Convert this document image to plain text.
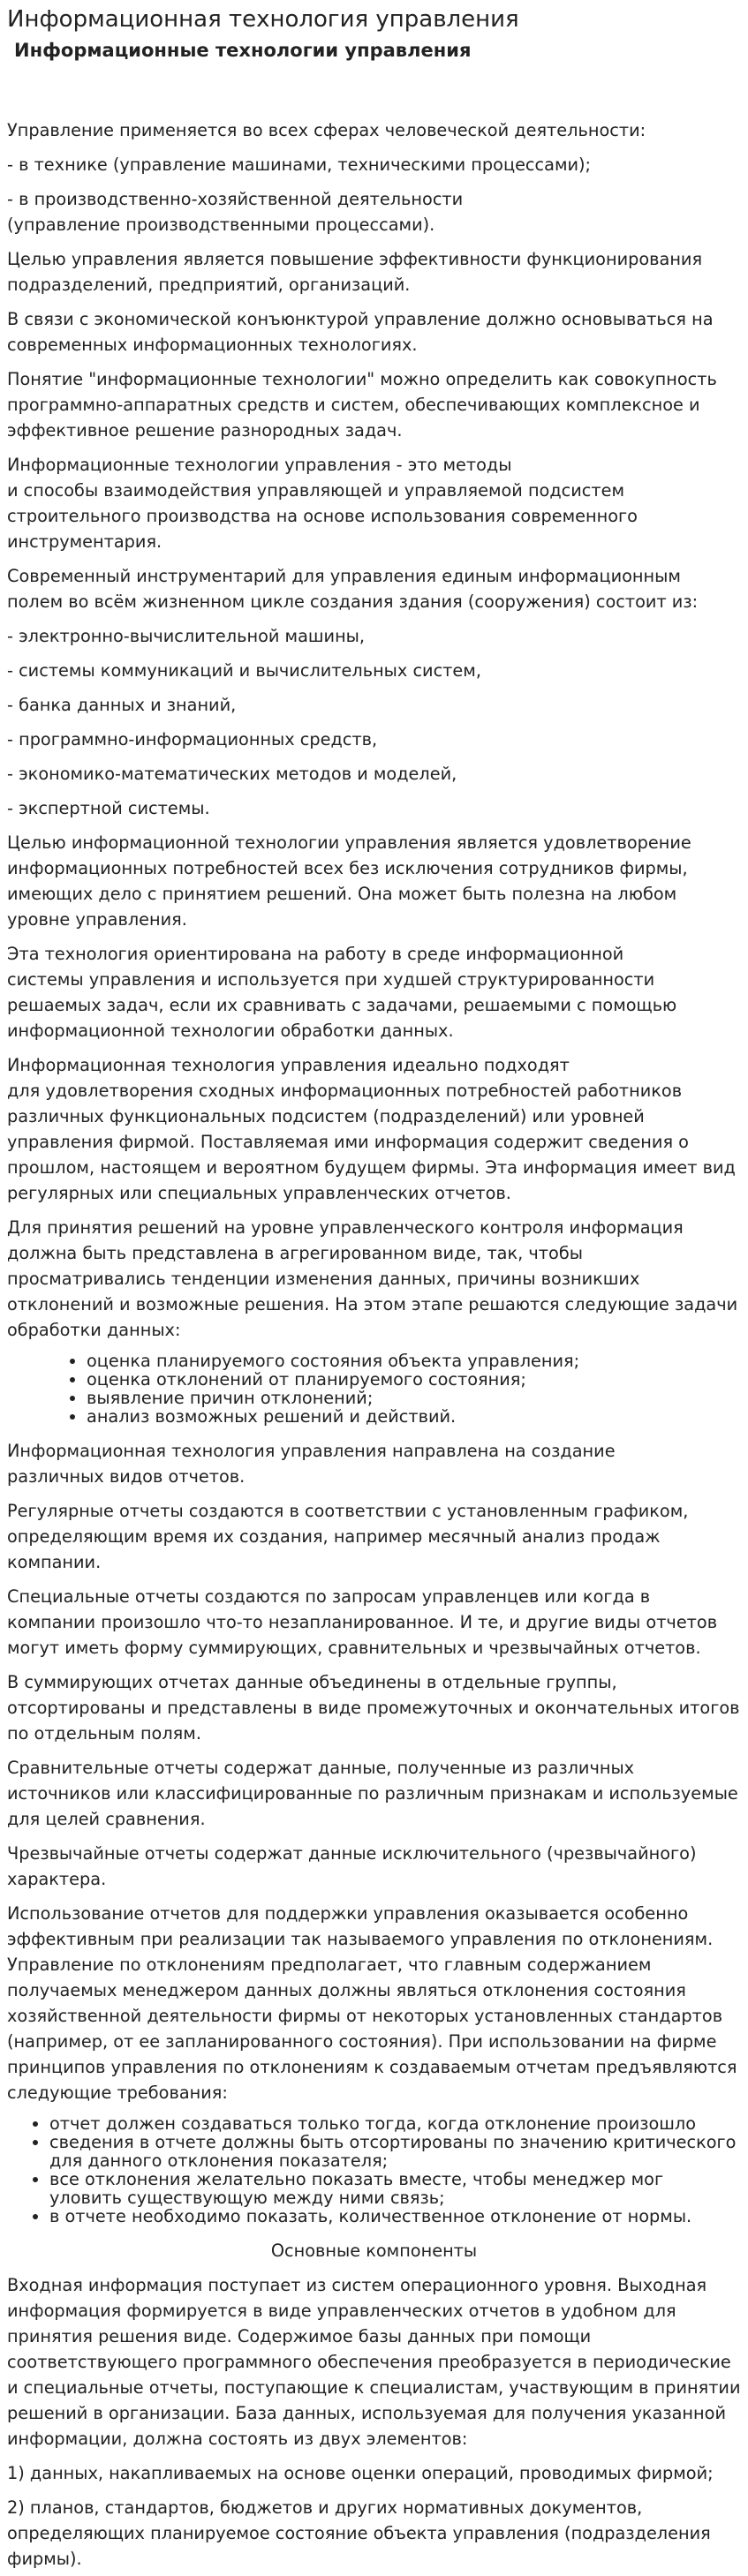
Информационная технология управления
Информационные технологии управления

Управление применяется во всех сферах человеческой деятельности:

- в технике (управление машинами, техническими процессами);

- в производственно-хозяйственной деятельности
(управление производственными процессами).

Целью управления является повышение эффективности функционирования подразделений, предприятий, организаций.

В связи с экономической конъюнктурой управление должно основываться на современных информационных технологиях.

Понятие "информационные технологии" можно определить как совокупность программно-аппаратных средств и систем, обеспечивающих комплексное и эффективное решение разнородных задач.

Информационные технологии управления - это методы
и способы взаимодействия управляющей и управляемой подсистем строительного производства на основе использования современного инструментария.

Современный инструментарий для управления единым информационным полем во всём жизненном цикле создания здания (сооружения) состоит из:

- электронно-вычислительной машины,

- системы коммуникаций и вычислительных систем,

- банка данных и знаний,

- программно-информационных средств,

- экономико-математических методов и моделей,

- экспертной системы.

Целью информационной технологии управления является удовлетворение информационных потребностей всех без исключения сотрудников фирмы, имеющих дело с принятием решений. Она может быть полезна на любом уровне управления.

Эта технология ориентирована на работу в среде информационной
системы управления и используется при худшей структурированности решаемых задач, если их сравнивать с задачами, решаемыми с помощью информационной технологии обработки данных.

Информационная технология управления идеально подходят
для удовлетворения сходных информационных потребностей работников различных функциональных подсистем (подразделений) или уровней управления фирмой. Поставляемая ими информация содержит сведения о прошлом, настоящем и вероятном будущем фирмы. Эта информация имеет вид регулярных или специальных управленческих отчетов.

Для принятия решений на уровне управленческого контроля информация должна быть представлена в агрегированном виде, так, чтобы просматривались тенденции изменения данных, причины возникших отклонений и возможные решения. На этом этапе решаются следующие задачи обработки данных:

• оценка планируемого состояния объекта управления;
• оценка отклонений от планируемого состояния;
• выявление причин отклонений;
• анализ возможных решений и действий.

Информационная технология управления направлена на создание
различных видов отчетов.

Регулярные отчеты создаются в соответствии с установленным графиком, определяющим время их создания, например месячный анализ продаж компании.

Специальные отчеты создаются по запросам управленцев или когда в компании произошло что-то незапланированное. И те, и другие виды отчетов могут иметь форму суммирующих, сравнительных и чрезвычайных отчетов.

В суммирующих отчетах данные объединены в отдельные группы, отсортированы и представлены в виде промежуточных и окончательных итогов по отдельным полям.

Сравнительные отчеты содержат данные, полученные из различных источников или классифицированные по различным признакам и используемые для целей сравнения.

Чрезвычайные отчеты содержат данные исключительного (чрезвычайного) характера.

Использование отчетов для поддержки управления оказывается особенно эффективным при реализации так называемого управления по отклонениям. Управление по отклонениям предполагает, что главным содержанием получаемых менеджером данных должны являться отклонения состояния хозяйственной деятельности фирмы от некоторых установленных стандартов (например, от ее запланированного состояния). При использовании на фирме принципов управления по отклонениям к создаваемым отчетам предъявляются следующие требования:

• отчет должен создаваться только тогда, когда отклонение произошло
• сведения в отчете должны быть отсортированы по значению критического для данного отклонения показателя;
• все отклонения желательно показать вместе, чтобы менеджер мог уловить существующую между ними связь;
• в отчете необходимо показать, количественное отклонение от нормы.
Основные компоненты

Входная информация поступает из систем операционного уровня. Выходная информация формируется в виде управленческих отчетов в удобном для принятия решения виде. Содержимое базы данных при помощи соответствующего программного обеспечения преобразуется в периодические и специальные отчеты, поступающие к специалистам, участвующим в принятии решений в организации. База данных, используемая для получения указанной информации, должна состоять из двух элементов:

1) данных, накапливаемых на основе оценки операций, проводимых фирмой;

2) планов, стандартов, бюджетов и других нормативных документов, определяющих планируемое состояние объекта управления (подразделения фирмы).
